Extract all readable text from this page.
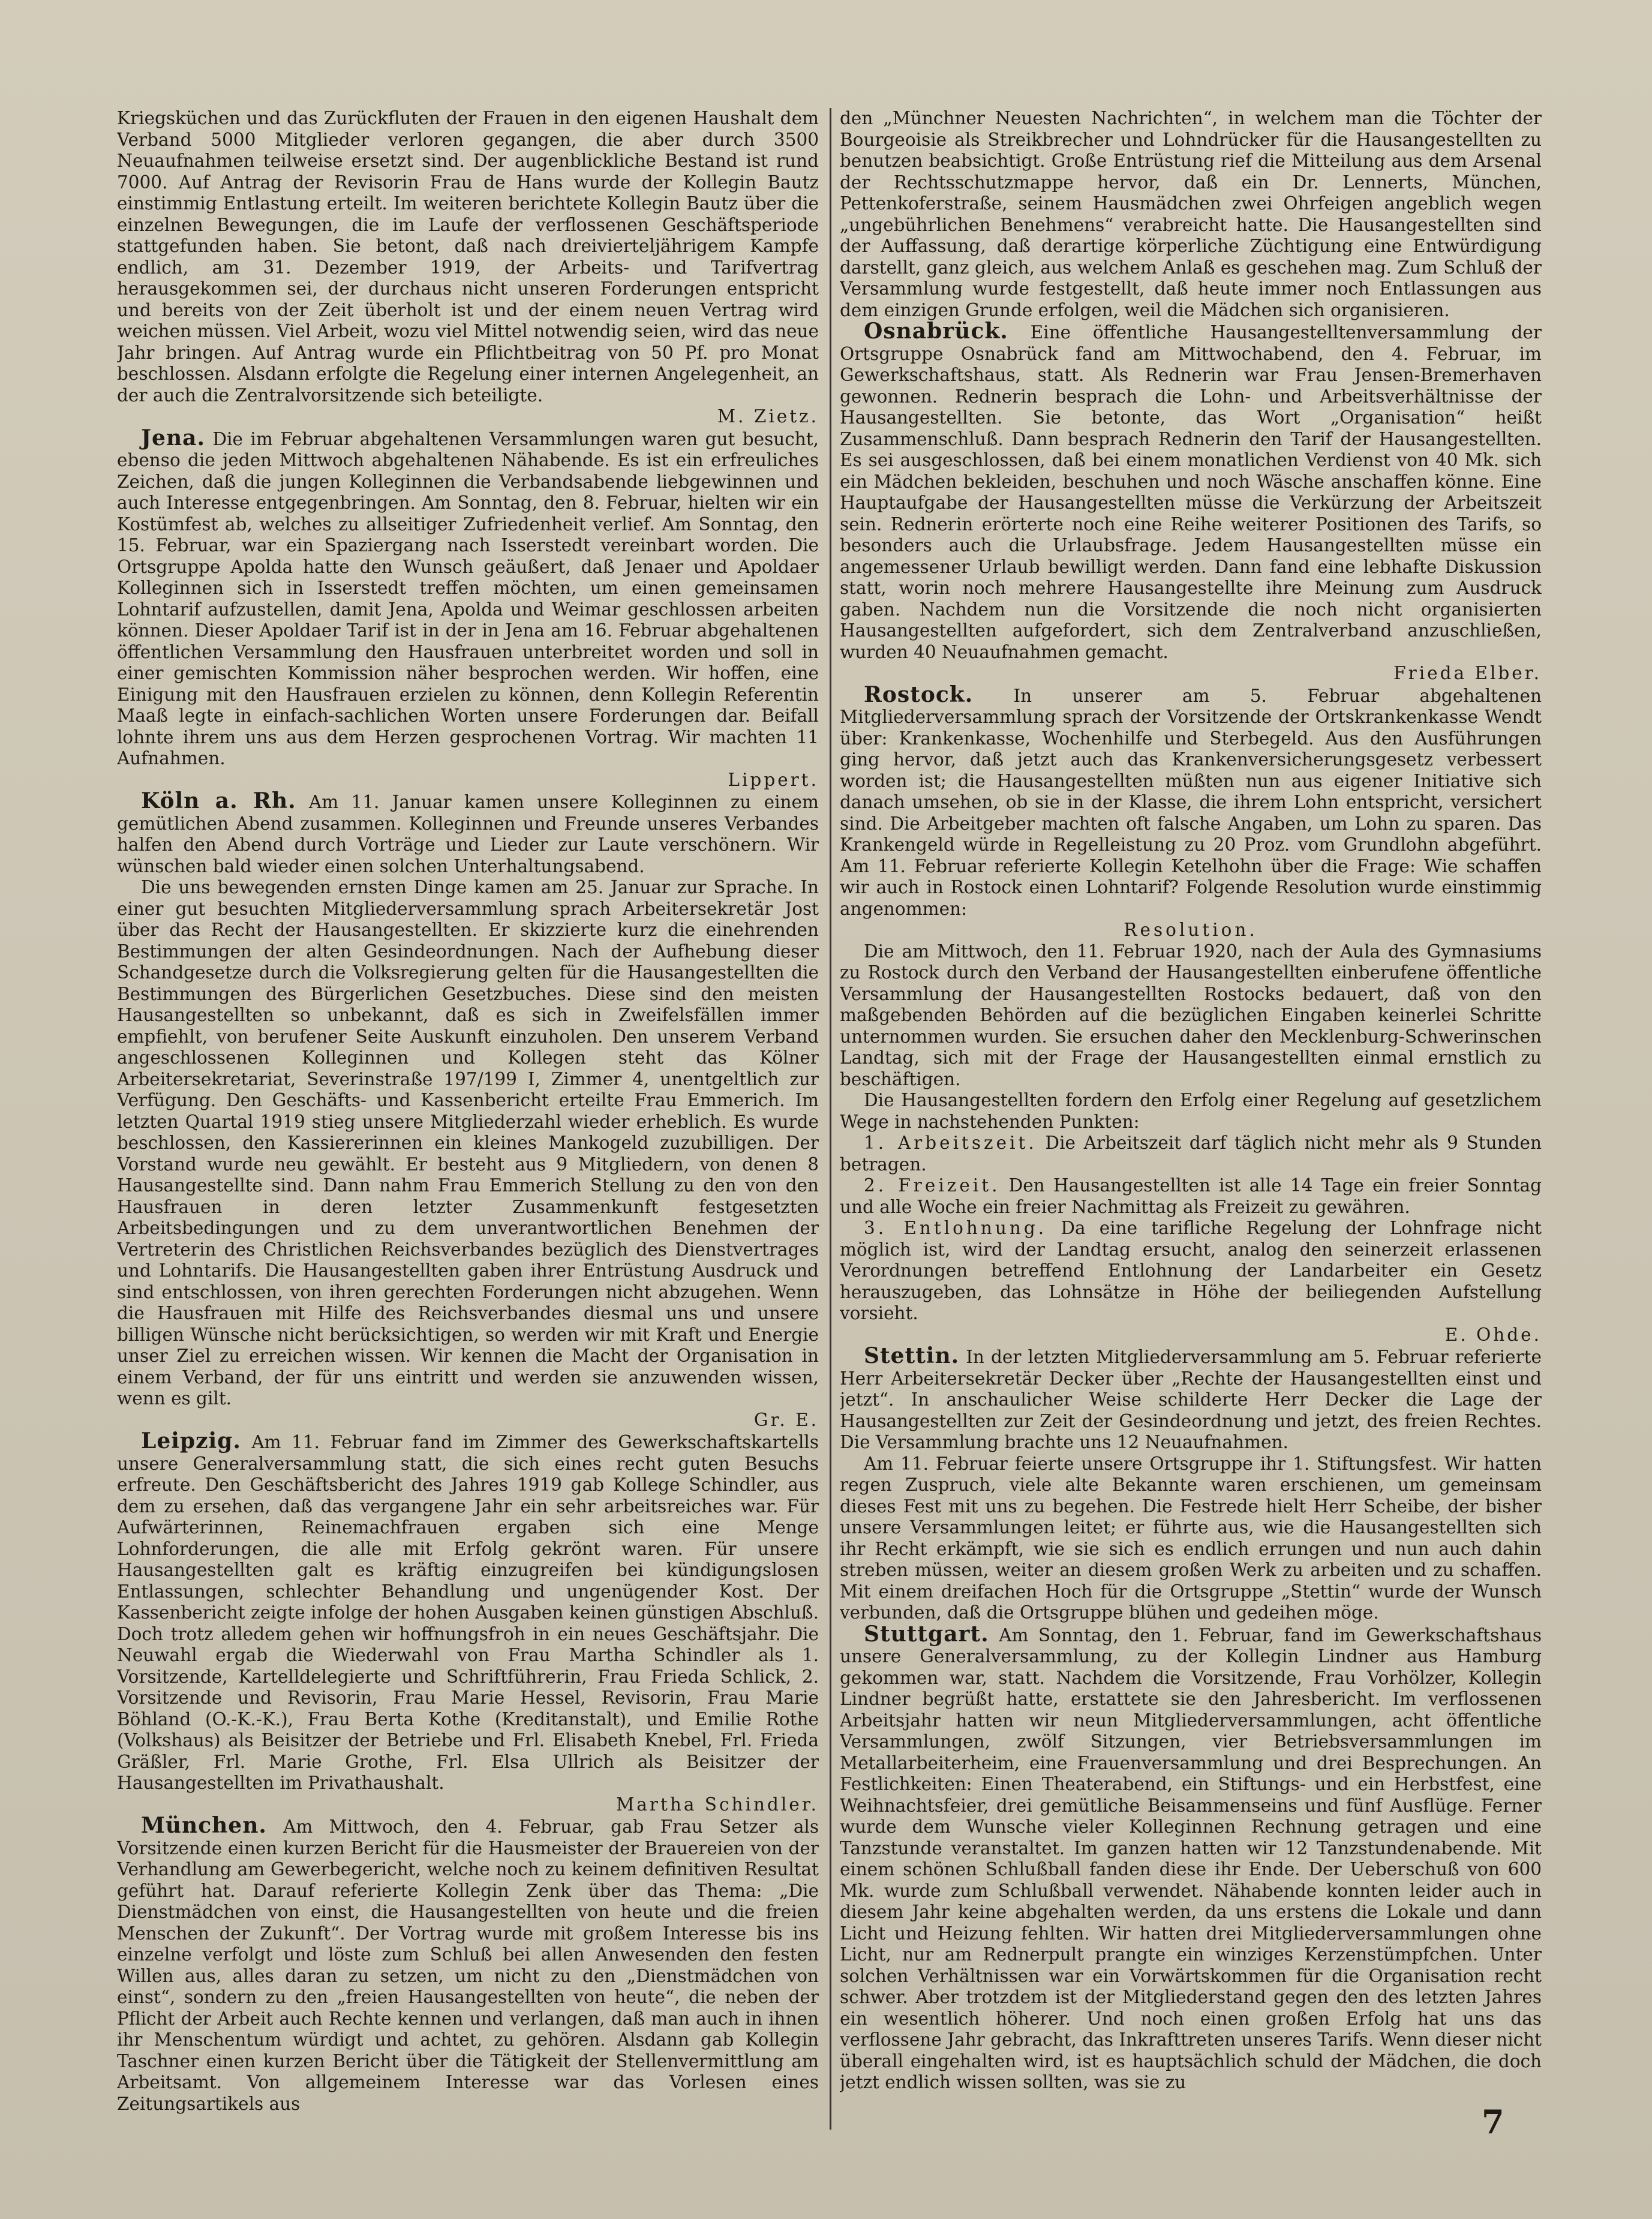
Kriegsküchen und das Zurückfluten der Frauen in den eigenen Haushalt dem Verband 5000 Mitglieder verloren gegangen, die aber durch 3500 Neuaufnahmen teilweise ersetzt sind. Der augenblickliche Bestand ist rund 7000. Auf Antrag der Revisorin Frau de Hans wurde der Kollegin Bautz einstimmig Entlastung erteilt. Im weiteren berichtete Kollegin Bautz über die einzelnen Bewegungen, die im Laufe der verflossenen Geschäftsperiode stattgefunden haben. Sie betont, daß nach dreivierteljährigem Kampfe endlich, am 31. Dezember 1919, der Arbeits- und Tarifvertrag herausgekommen sei, der durchaus nicht unseren Forderungen entspricht und bereits von der Zeit überholt ist und der einem neuen Vertrag wird weichen müssen. Viel Arbeit, wozu viel Mittel notwendig seien, wird das neue Jahr bringen. Auf Antrag wurde ein Pflichtbeitrag von 50 Pf. pro Monat beschlossen. Alsdann erfolgte die Regelung einer internen Angelegenheit, an der auch die Zentralvorsitzende sich beteiligte.
M. Zietz.

Jena. Die im Februar abgehaltenen Versammlungen waren gut besucht, ebenso die jeden Mittwoch abgehaltenen Nähabende. Es ist ein erfreuliches Zeichen, daß die jungen Kolleginnen die Verbandsabende liebgewinnen und auch Interesse entgegenbringen. Am Sonntag, den 8. Februar, hielten wir ein Kostümfest ab, welches zu allseitiger Zufriedenheit verlief. Am Sonntag, den 15. Februar, war ein Spaziergang nach Isserstedt vereinbart worden. Die Ortsgruppe Apolda hatte den Wunsch geäußert, daß Jenaer und Apoldaer Kolleginnen sich in Isserstedt treffen möchten, um einen gemeinsamen Lohntarif aufzustellen, damit Jena, Apolda und Weimar geschlossen arbeiten können. Dieser Apoldaer Tarif ist in der in Jena am 16. Februar abgehaltenen öffentlichen Versammlung den Hausfrauen unterbreitet worden und soll in einer gemischten Kommission näher besprochen werden. Wir hoffen, eine Einigung mit den Hausfrauen erzielen zu können, denn Kollegin Referentin Maaß legte in einfach-sachlichen Worten unsere Forderungen dar. Beifall lohnte ihrem uns aus dem Herzen gesprochenen Vortrag. Wir machten 11 Aufnahmen.
Lippert.

Köln a. Rh. Am 11. Januar kamen unsere Kolleginnen zu einem gemütlichen Abend zusammen. Kolleginnen und Freunde unseres Verbandes halfen den Abend durch Vorträge und Lieder zur Laute verschönern. Wir wünschen bald wieder einen solchen Unterhaltungsabend.

Die uns bewegenden ernsten Dinge kamen am 25. Januar zur Sprache. In einer gut besuchten Mitgliederversammlung sprach Arbeitersekretär Jost über das Recht der Hausangestellten. Er skizzierte kurz die einehrenden Bestimmungen der alten Gesindeordnungen. Nach der Aufhebung dieser Schandgesetze durch die Volksregierung gelten für die Hausangestellten die Bestimmungen des Bürgerlichen Gesetzbuches. Diese sind den meisten Hausangestellten so unbekannt, daß es sich in Zweifelsfällen immer empfiehlt, von berufener Seite Auskunft einzuholen. Den unserem Verband angeschlossenen Kolleginnen und Kollegen steht das Kölner Arbeitersekretariat, Severinstraße 197/199 I, Zimmer 4, unentgeltlich zur Verfügung. Den Geschäfts- und Kassenbericht erteilte Frau Emmerich. Im letzten Quartal 1919 stieg unsere Mitgliederzahl wieder erheblich. Es wurde beschlossen, den Kassiererinnen ein kleines Mankogeld zuzubilligen. Der Vorstand wurde neu gewählt. Er besteht aus 9 Mitgliedern, von denen 8 Hausangestellte sind. Dann nahm Frau Emmerich Stellung zu den von den Hausfrauen in deren letzter Zusammenkunft festgesetzten Arbeitsbedingungen und zu dem unverantwortlichen Benehmen der Vertreterin des Christlichen Reichsverbandes bezüglich des Dienstvertrages und Lohntarifs. Die Hausangestellten gaben ihrer Entrüstung Ausdruck und sind entschlossen, von ihren gerechten Forderungen nicht abzugehen. Wenn die Hausfrauen mit Hilfe des Reichsverbandes diesmal uns und unsere billigen Wünsche nicht berücksichtigen, so werden wir mit Kraft und Energie unser Ziel zu erreichen wissen. Wir kennen die Macht der Organisation in einem Verband, der für uns eintritt und werden sie anzuwenden wissen, wenn es gilt.
Gr. E.

Leipzig. Am 11. Februar fand im Zimmer des Gewerkschaftskartells unsere Generalversammlung statt, die sich eines recht guten Besuchs erfreute. Den Geschäftsbericht des Jahres 1919 gab Kollege Schindler, aus dem zu ersehen, daß das vergangene Jahr ein sehr arbeitsreiches war. Für Aufwärterinnen, Reinemachfrauen ergaben sich eine Menge Lohnforderungen, die alle mit Erfolg gekrönt waren. Für unsere Hausangestellten galt es kräftig einzugreifen bei kündigungslosen Entlassungen, schlechter Behandlung und ungenügender Kost. Der Kassenbericht zeigte infolge der hohen Ausgaben keinen günstigen Abschluß. Doch trotz alledem gehen wir hoffnungsfroh in ein neues Geschäftsjahr. Die Neuwahl ergab die Wiederwahl von Frau Martha Schindler als 1. Vorsitzende, Kartelldelegierte und Schriftführerin, Frau Frieda Schlick, 2. Vorsitzende und Revisorin, Frau Marie Hessel, Revisorin, Frau Marie Böhland (O.-K.-K.), Frau Berta Kothe (Kreditanstalt), und Emilie Rothe (Volkshaus) als Beisitzer der Betriebe und Frl. Elisabeth Knebel, Frl. Frieda Gräßler, Frl. Marie Grothe, Frl. Elsa Ullrich als Beisitzer der Hausangestellten im Privathaushalt.
Martha Schindler.

München. Am Mittwoch, den 4. Februar, gab Frau Setzer als Vorsitzende einen kurzen Bericht für die Hausmeister der Brauereien von der Verhandlung am Gewerbegericht, welche noch zu keinem definitiven Resultat geführt hat. Darauf referierte Kollegin Zenk über das Thema: „Die Dienstmädchen von einst, die Hausangestellten von heute und die freien Menschen der Zukunft“. Der Vortrag wurde mit großem Interesse bis ins einzelne verfolgt und löste zum Schluß bei allen Anwesenden den festen Willen aus, alles daran zu setzen, um nicht zu den „Dienstmädchen von einst“, sondern zu den „freien Hausangestellten von heute“, die neben der Pflicht der Arbeit auch Rechte kennen und verlangen, daß man auch in ihnen ihr Menschentum würdigt und achtet, zu gehören. Alsdann gab Kollegin Taschner einen kurzen Bericht über die Tätigkeit der Stellenvermittlung am Arbeitsamt. Von allgemeinem Interesse war das Vorlesen eines Zeitungsartikels aus

den „Münchner Neuesten Nachrichten“, in welchem man die Töchter der Bourgeoisie als Streikbrecher und Lohndrücker für die Hausangestellten zu benutzen beabsichtigt. Große Entrüstung rief die Mitteilung aus dem Arsenal der Rechtsschutzmappe hervor, daß ein Dr. Lennerts, München, Pettenkoferstraße, seinem Hausmädchen zwei Ohrfeigen angeblich wegen „ungebührlichen Benehmens“ verabreicht hatte. Die Hausangestellten sind der Auffassung, daß derartige körperliche Züchtigung eine Entwürdigung darstellt, ganz gleich, aus welchem Anlaß es geschehen mag. Zum Schluß der Versammlung wurde festgestellt, daß heute immer noch Entlassungen aus dem einzigen Grunde erfolgen, weil die Mädchen sich organisieren.

Osnabrück. Eine öffentliche Hausangestelltenversammlung der Ortsgruppe Osnabrück fand am Mittwochabend, den 4. Februar, im Gewerkschaftshaus, statt. Als Rednerin war Frau Jensen-Bremerhaven gewonnen. Rednerin besprach die Lohn- und Arbeitsverhältnisse der Hausangestellten. Sie betonte, das Wort „Organisation“ heißt Zusammenschluß. Dann besprach Rednerin den Tarif der Hausangestellten. Es sei ausgeschlossen, daß bei einem monatlichen Verdienst von 40 Mk. sich ein Mädchen bekleiden, beschuhen und noch Wäsche anschaffen könne. Eine Hauptaufgabe der Hausangestellten müsse die Verkürzung der Arbeitszeit sein. Rednerin erörterte noch eine Reihe weiterer Positionen des Tarifs, so besonders auch die Urlaubsfrage. Jedem Hausangestellten müsse ein angemessener Urlaub bewilligt werden. Dann fand eine lebhafte Diskussion statt, worin noch mehrere Hausangestellte ihre Meinung zum Ausdruck gaben. Nachdem nun die Vorsitzende die noch nicht organisierten Hausangestellten aufgefordert, sich dem Zentralverband anzuschließen, wurden 40 Neuaufnahmen gemacht.
Frieda Elber.

Rostock. In unserer am 5. Februar abgehaltenen Mitgliederversammlung sprach der Vorsitzende der Ortskrankenkasse Wendt über: Krankenkasse, Wochenhilfe und Sterbegeld. Aus den Ausführungen ging hervor, daß jetzt auch das Krankenversicherungsgesetz verbessert worden ist; die Hausangestellten müßten nun aus eigener Initiative sich danach umsehen, ob sie in der Klasse, die ihrem Lohn entspricht, versichert sind. Die Arbeitgeber machten oft falsche Angaben, um Lohn zu sparen. Das Krankengeld würde in Regelleistung zu 20 Proz. vom Grundlohn abgeführt. Am 11. Februar referierte Kollegin Ketelhohn über die Frage: Wie schaffen wir auch in Rostock einen Lohntarif? Folgende Resolution wurde einstimmig angenommen:

Resolution.

Die am Mittwoch, den 11. Februar 1920, nach der Aula des Gymnasiums zu Rostock durch den Verband der Hausangestellten einberufene öffentliche Versammlung der Hausangestellten Rostocks bedauert, daß von den maßgebenden Behörden auf die bezüglichen Eingaben keinerlei Schritte unternommen wurden. Sie ersuchen daher den Mecklenburg-Schwerinschen Landtag, sich mit der Frage der Hausangestellten einmal ernstlich zu beschäftigen.

Die Hausangestellten fordern den Erfolg einer Regelung auf gesetzlichem Wege in nachstehenden Punkten:

1. Arbeitszeit. Die Arbeitszeit darf täglich nicht mehr als 9 Stunden betragen.

2. Freizeit. Den Hausangestellten ist alle 14 Tage ein freier Sonntag und alle Woche ein freier Nachmittag als Freizeit zu gewähren.

3. Entlohnung. Da eine tarifliche Regelung der Lohnfrage nicht möglich ist, wird der Landtag ersucht, analog den seinerzeit erlassenen Verordnungen betreffend Entlohnung der Landarbeiter ein Gesetz herauszugeben, das Lohnsätze in Höhe der beiliegenden Aufstellung vorsieht.
E. Ohde.

Stettin. In der letzten Mitgliederversammlung am 5. Februar referierte Herr Arbeitersekretär Decker über „Rechte der Hausangestellten einst und jetzt“. In anschaulicher Weise schilderte Herr Decker die Lage der Hausangestellten zur Zeit der Gesindeordnung und jetzt, des freien Rechtes. Die Versammlung brachte uns 12 Neuaufnahmen.

Am 11. Februar feierte unsere Ortsgruppe ihr 1. Stiftungsfest. Wir hatten regen Zuspruch, viele alte Bekannte waren erschienen, um gemeinsam dieses Fest mit uns zu begehen. Die Festrede hielt Herr Scheibe, der bisher unsere Versammlungen leitet; er führte aus, wie die Hausangestellten sich ihr Recht erkämpft, wie sie sich es endlich errungen und nun auch dahin streben müssen, weiter an diesem großen Werk zu arbeiten und zu schaffen. Mit einem dreifachen Hoch für die Ortsgruppe „Stettin“ wurde der Wunsch verbunden, daß die Ortsgruppe blühen und gedeihen möge.

Stuttgart. Am Sonntag, den 1. Februar, fand im Gewerkschaftshaus unsere Generalversammlung, zu der Kollegin Lindner aus Hamburg gekommen war, statt. Nachdem die Vorsitzende, Frau Vorhölzer, Kollegin Lindner begrüßt hatte, erstattete sie den Jahresbericht. Im verflossenen Arbeitsjahr hatten wir neun Mitgliederversammlungen, acht öffentliche Versammlungen, zwölf Sitzungen, vier Betriebsversammlungen im Metallarbeiterheim, eine Frauenversammlung und drei Besprechungen. An Festlichkeiten: Einen Theaterabend, ein Stiftungs- und ein Herbstfest, eine Weihnachtsfeier, drei gemütliche Beisammenseins und fünf Ausflüge. Ferner wurde dem Wunsche vieler Kolleginnen Rechnung getragen und eine Tanzstunde veranstaltet. Im ganzen hatten wir 12 Tanzstundenabende. Mit einem schönen Schlußball fanden diese ihr Ende. Der Ueberschuß von 600 Mk. wurde zum Schlußball verwendet. Nähabende konnten leider auch in diesem Jahr keine abgehalten werden, da uns erstens die Lokale und dann Licht und Heizung fehlten. Wir hatten drei Mitgliederversammlungen ohne Licht, nur am Rednerpult prangte ein winziges Kerzenstümpfchen. Unter solchen Verhältnissen war ein Vorwärtskommen für die Organisation recht schwer. Aber trotzdem ist der Mitgliederstand gegen den des letzten Jahres ein wesentlich höherer. Und noch einen großen Erfolg hat uns das verflossene Jahr gebracht, das Inkrafttreten unseres Tarifs. Wenn dieser nicht überall eingehalten wird, ist es hauptsächlich schuld der Mädchen, die doch jetzt endlich wissen sollten, was sie zu

7
